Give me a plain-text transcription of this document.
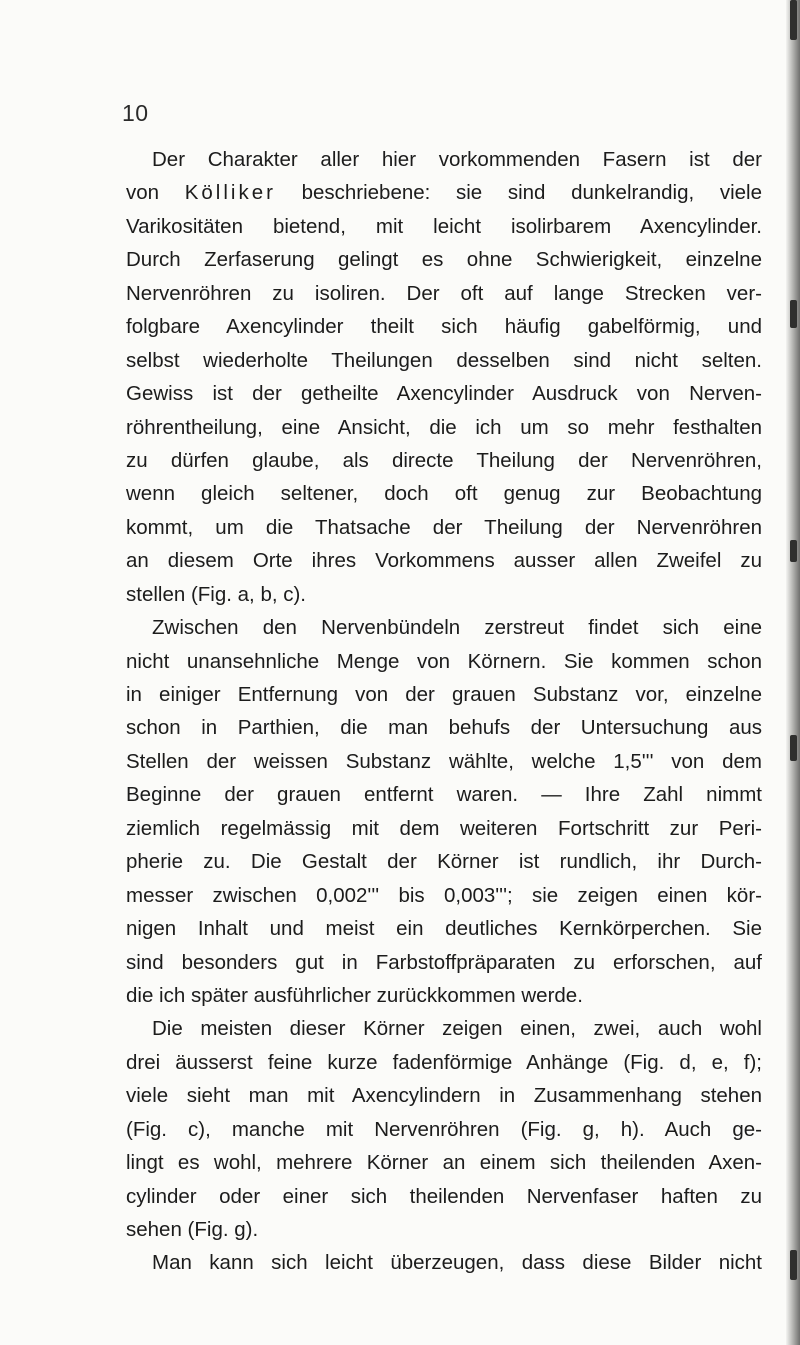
10
Der Charakter aller hier vorkommenden Fasern ist der
von Kölliker beschriebene: sie sind dunkelrandig, viele
Varikositäten bietend, mit leicht isolirbarem Axencylinder.
Durch Zerfaserung gelingt es ohne Schwierigkeit, einzelne
Nervenröhren zu isoliren. Der oft auf lange Strecken ver-
folgbare Axencylinder theilt sich häufig gabelförmig, und
selbst wiederholte Theilungen desselben sind nicht selten.
Gewiss ist der getheilte Axencylinder Ausdruck von Nerven-
röhrentheilung, eine Ansicht, die ich um so mehr festhalten
zu dürfen glaube, als directe Theilung der Nervenröhren,
wenn gleich seltener, doch oft genug zur Beobachtung
kommt, um die Thatsache der Theilung der Nervenröhren
an diesem Orte ihres Vorkommens ausser allen Zweifel zu
stellen (Fig. a, b, c).
Zwischen den Nervenbündeln zerstreut findet sich eine
nicht unansehnliche Menge von Körnern. Sie kommen schon
in einiger Entfernung von der grauen Substanz vor, einzelne
schon in Parthien, die man behufs der Untersuchung aus
Stellen der weissen Substanz wählte, welche 1,5''' von dem
Beginne der grauen entfernt waren. — Ihre Zahl nimmt
ziemlich regelmässig mit dem weiteren Fortschritt zur Peri-
pherie zu. Die Gestalt der Körner ist rundlich, ihr Durch-
messer zwischen 0,002''' bis 0,003'''; sie zeigen einen kör-
nigen Inhalt und meist ein deutliches Kernkörperchen. Sie
sind besonders gut in Farbstoffpräparaten zu erforschen, auf
die ich später ausführlicher zurückkommen werde.
Die meisten dieser Körner zeigen einen, zwei, auch wohl
drei äusserst feine kurze fadenförmige Anhänge (Fig. d, e, f);
viele sieht man mit Axencylindern in Zusammenhang stehen
(Fig. c), manche mit Nervenröhren (Fig. g, h). Auch ge-
lingt es wohl, mehrere Körner an einem sich theilenden Axen-
cylinder oder einer sich theilenden Nervenfaser haften zu
sehen (Fig. g).
Man kann sich leicht überzeugen, dass diese Bilder nicht
